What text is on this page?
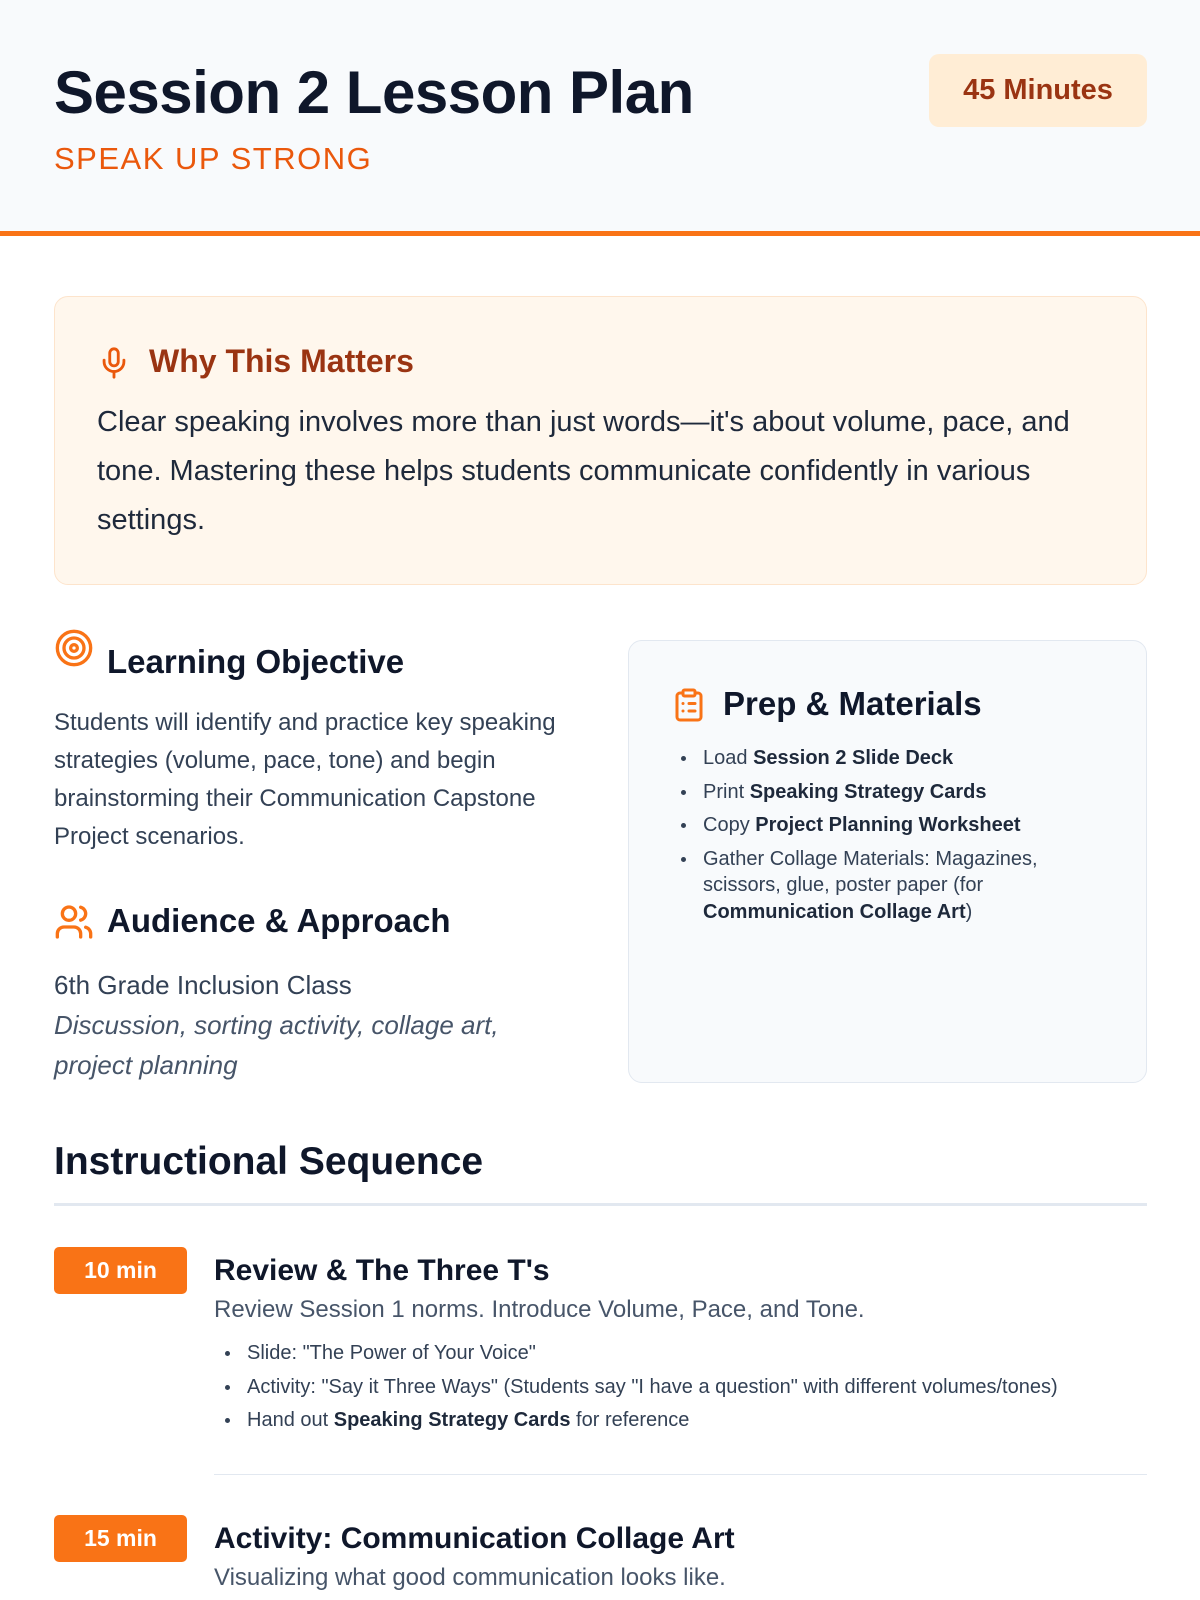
Session 2 Lesson Plan
SPEAK UP STRONG
45 Minutes
Why This Matters

Clear speaking involves more than just words—it's about volume, pace, and tone. Mastering these helps students communicate confidently in various settings.

Learning Objective

Students will identify and practice key speaking strategies (volume, pace, tone) and begin brainstorming their Communication Capstone Project scenarios.

Audience & Approach
6th Grade Inclusion Class
Discussion, sorting activity, collage art, project planning
Prep & Materials
Load Session 2 Slide Deck
Print Speaking Strategy Cards
Copy Project Planning Worksheet
Gather Collage Materials: Magazines, scissors, glue, poster paper (for Communication Collage Art)
Instructional Sequence
10 min	Review & The Three T's
Review Session 1 norms. Introduce Volume, Pace, and Tone.
Slide: "The Power of Your Voice"
Activity: "Say it Three Ways" (Students say "I have a question" with different volumes/tones)
Hand out Speaking Strategy Cards for reference
15 min	Activity: Communication Collage Art
Visualizing what good communication looks like.
